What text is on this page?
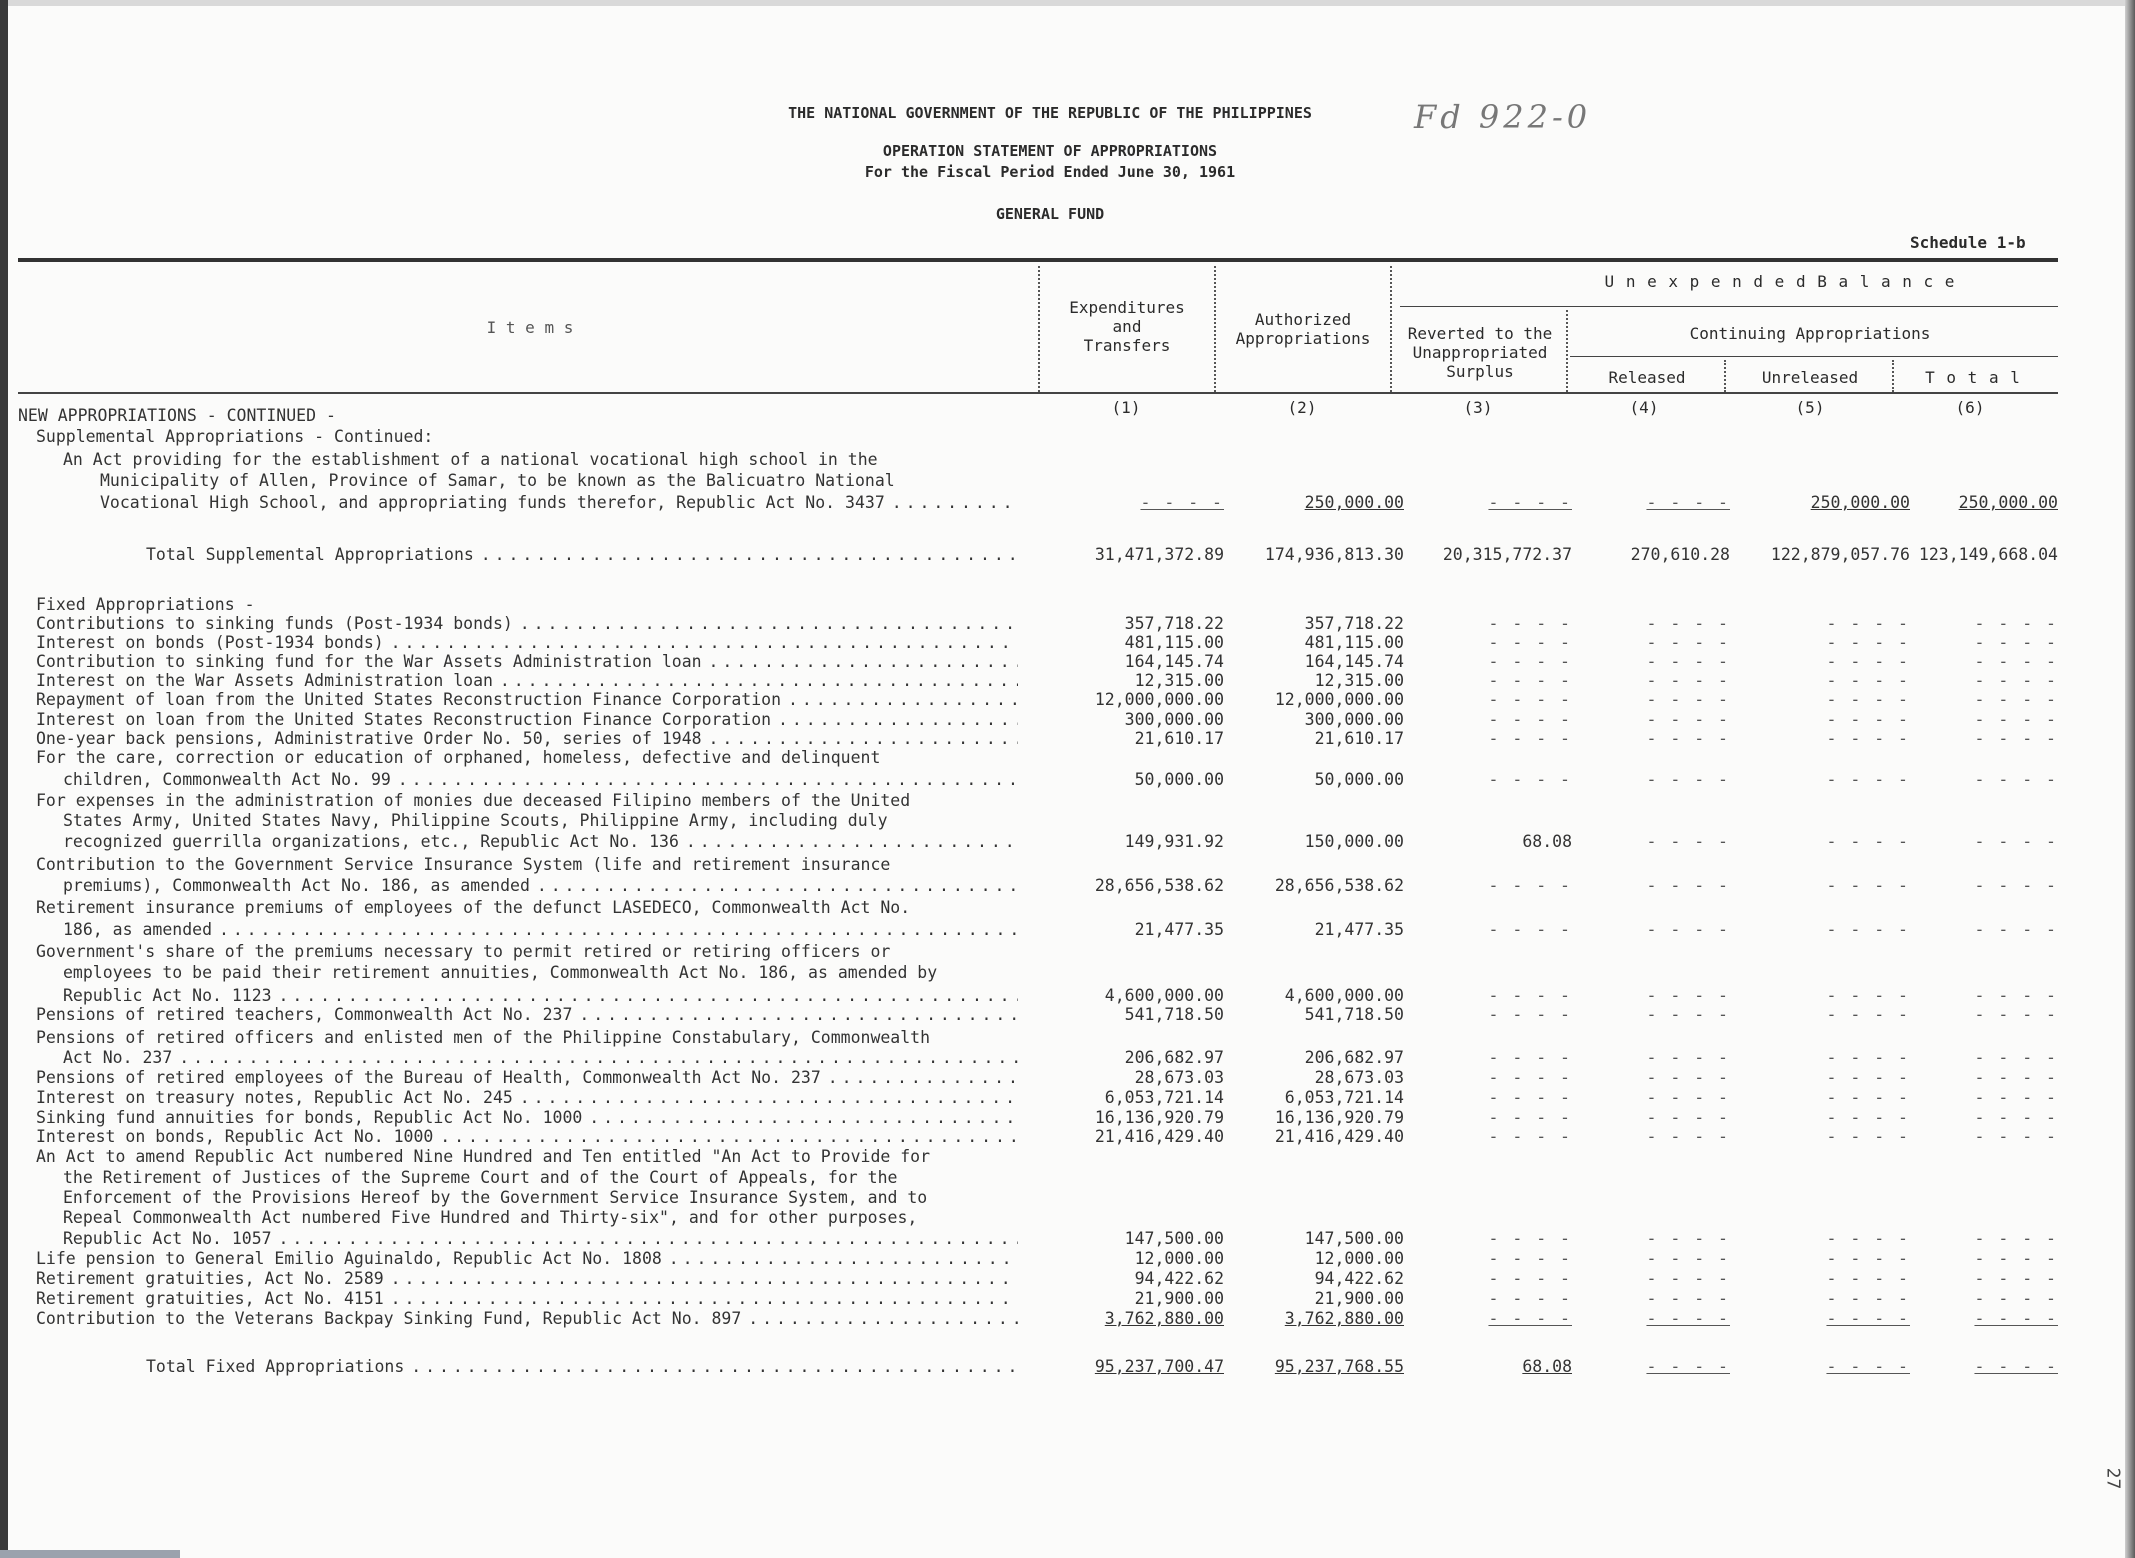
THE NATIONAL GOVERNMENT OF THE REPUBLIC OF THE PHILIPPINES	Fd 922-0
OPERATION STATEMENT OF APPROPRIATIONS
For the Fiscal Period Ended June 30, 1961
GENERAL FUND
Schedule 1-b
I t e m s
Expenditures
and
Transfers
Authorized
Appropriations
U n e x p e n d e d B a l a n c e
Reverted to the
Unappropriated
Surplus
Continuing Appropriations
Released	Unreleased	T o t a l
(1)	(2)	(3)	(4)	(5)	(6)
NEW APPROPRIATIONS - CONTINUED -
Supplemental Appropriations - Continued:
An Act providing for the establishment of a national vocational high school in the
Municipality of Allen, Province of Samar, to be known as the Balicuatro National
Vocational High School, and appropriating funds therefor, Republic Act No. 3437 . . .	- - - -	250,000.00	- - - -	- - - -	250,000.00	250,000.00
Total Supplemental Appropriations . . .	31,471,372.89	174,936,813.30	20,315,772.37	270,610.28	122,879,057.76 123,149,668.04
Fixed Appropriations -
Contributions to sinking funds (Post-1934 bonds) . . .	357,718.22	357,718.22	- - - -	- - - -	- - - -	- - - -
Interest on bonds (Post-1934 bonds) . . .	481,115.00	481,115.00	- - - -	- - - -	- - - -	- - - -
Contribution to sinking fund for the War Assets Administration loan . . .	164,145.74	164,145.74	- - - -	- - - -	- - - -	- - - -
Interest on the War Assets Administration loan . . .	12,315.00	12,315.00	- - - -	- - - -	- - - -	- - - -
Repayment of loan from the United States Reconstruction Finance Corporation . . .	12,000,000.00	12,000,000.00	- - - -	- - - -	- - - -	- - - -
Interest on loan from the United States Reconstruction Finance Corporation . . .	300,000.00	300,000.00	- - - -	- - - -	- - - -	- - - -
One-year back pensions, Administrative Order No. 50, series of 1948 . . .	21,610.17	21,610.17	- - - -	- - - -	- - - -	- - - -
For the care, correction or education of orphaned, homeless, defective and delinquent
children, Commonwealth Act No. 99 . . .	50,000.00	50,000.00	- - - -	- - - -	- - - -	- - - -
For expenses in the administration of monies due deceased Filipino members of the United
States Army, United States Navy, Philippine Scouts, Philippine Army, including duly
recognized guerrilla organizations, etc., Republic Act No. 136 . . .	149,931.92	150,000.00	68.08	- - - -	- - - -	- - - -
Contribution to the Government Service Insurance System (life and retirement insurance
premiums), Commonwealth Act No. 186, as amended . . .	28,656,538.62	28,656,538.62	- - - -	- - - -	- - - -	- - - -
Retirement insurance premiums of employees of the defunct LASEDECO, Commonwealth Act No.
186, as amended . . .	21,477.35	21,477.35	- - - -	- - - -	- - - -	- - - -
Government's share of the premiums necessary to permit retired or retiring officers or
employees to be paid their retirement annuities, Commonwealth Act No. 186, as amended by
Republic Act No. 1123 . . .	4,600,000.00	4,600,000.00	- - - -	- - - -	- - - -	- - - -
Pensions of retired teachers, Commonwealth Act No. 237 . . .	541,718.50	541,718.50	- - - -	- - - -	- - - -	- - - -
Pensions of retired officers and enlisted men of the Philippine Constabulary, Commonwealth
Act No. 237 . . .	206,682.97	206,682.97	- - - -	- - - -	- - - -	- - - -
Pensions of retired employees of the Bureau of Health, Commonwealth Act No. 237 . . .	28,673.03	28,673.03	- - - -	- - - -	- - - -	- - - -
Interest on treasury notes, Republic Act No. 245 . . .	6,053,721.14	6,053,721.14	- - - -	- - - -	- - - -	- - - -
Sinking fund annuities for bonds, Republic Act No. 1000 . . .	16,136,920.79	16,136,920.79	- - - -	- - - -	- - - -	- - - -
Interest on bonds, Republic Act No. 1000 . . .	21,416,429.40	21,416,429.40	- - - -	- - - -	- - - -	- - - -
An Act to amend Republic Act numbered Nine Hundred and Ten entitled "An Act to Provide for
the Retirement of Justices of the Supreme Court and of the Court of Appeals, for the
Enforcement of the Provisions Hereof by the Government Service Insurance System, and to
Repeal Commonwealth Act numbered Five Hundred and Thirty-six", and for other purposes,
Republic Act No. 1057 . . .	147,500.00	147,500.00	- - - -	- - - -	- - - -	- - - -
Life pension to General Emilio Aguinaldo, Republic Act No. 1808 . . .	12,000.00	12,000.00	- - - -	- - - -	- - - -	- - - -
Retirement gratuities, Act No. 2589 . . .	94,422.62	94,422.62	- - - -	- - - -	- - - -	- - - -
Retirement gratuities, Act No. 4151 . . .	21,900.00	21,900.00	- - - -	- - - -	- - - -	- - - -
Contribution to the Veterans Backpay Sinking Fund, Republic Act No. 897 . . .	3,762,880.00	3,762,880.00	- - - -	- - - -	- - - -	- - - -
Total Fixed Appropriations . . .	95,237,700.47	95,237,768.55	68.08	- - - -	- - - -	- - - -
27
